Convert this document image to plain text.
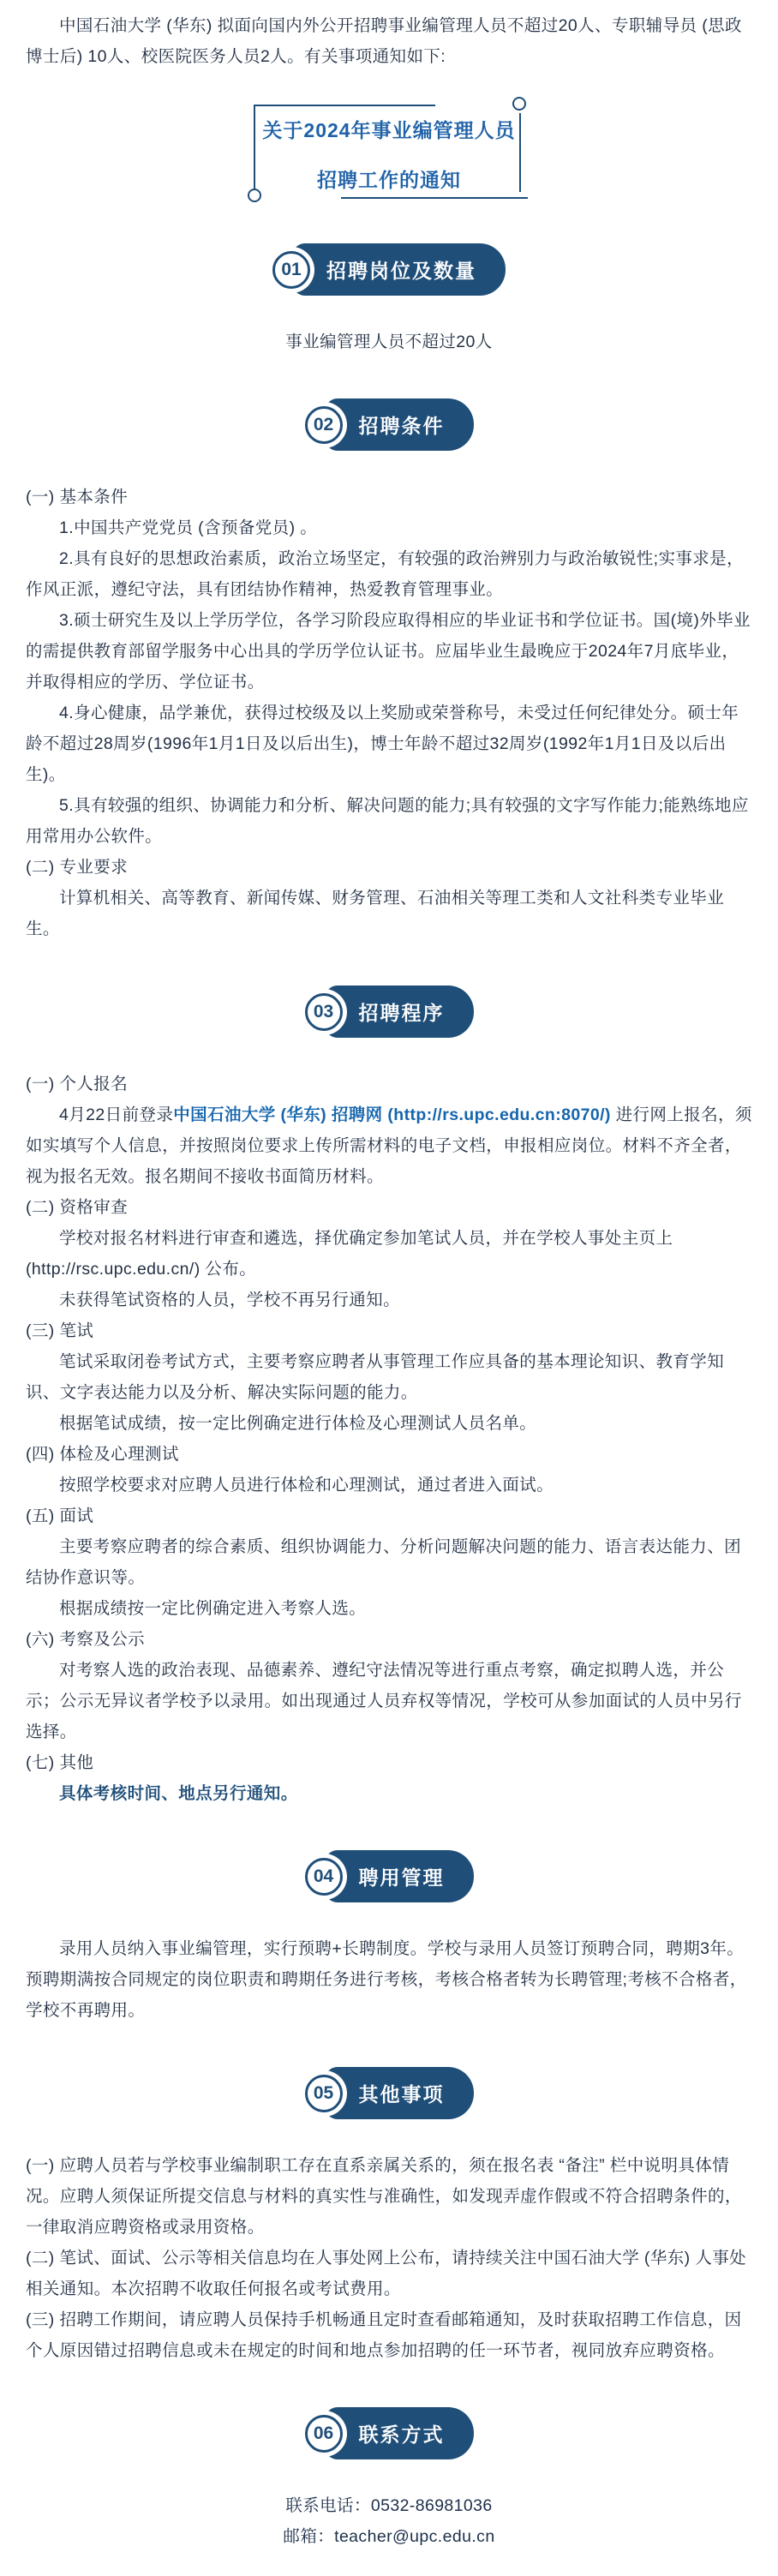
中国石油大学 (华东) 拟面向国内外公开招聘事业编管理人员不超过20人、专职辅导员 (思政博士后) 10人、校医院医务人员2人。有关事项通知如下:

关于2024年事业编管理人员
招聘工作的通知
01	招聘岗位及数量

事业编管理人员不超过20人

02	招聘条件

(一) 基本条件

1.中国共产党党员 (含预备党员) 。

2.具有良好的思想政治素质，政治立场坚定，有较强的政治辨别力与政治敏锐性;实事求是，作风正派，遵纪守法，具有团结协作精神，热爱教育管理事业。

3.硕士研究生及以上学历学位，各学习阶段应取得相应的毕业证书和学位证书。国(境)外毕业的需提供教育部留学服务中心出具的学历学位认证书。应届毕业生最晚应于2024年7月底毕业，并取得相应的学历、学位证书。

4.身心健康，品学兼优，获得过校级及以上奖励或荣誉称号，未受过任何纪律处分。硕士年龄不超过28周岁(1996年1月1日及以后出生)，博士年龄不超过32周岁(1992年1月1日及以后出生)。

5.具有较强的组织、协调能力和分析、解决问题的能力;具有较强的文字写作能力;能熟练地应用常用办公软件。

(二) 专业要求

计算机相关、高等教育、新闻传媒、财务管理、石油相关等理工类和人文社科类专业毕业生。

03	招聘程序

(一) 个人报名

4月22日前登录中国石油大学 (华东) 招聘网 (http://rs.upc.edu.cn:8070/) 进行网上报名，须如实填写个人信息，并按照岗位要求上传所需材料的电子文档，申报相应岗位。材料不齐全者，视为报名无效。报名期间不接收书面简历材料。

(二) 资格审查

学校对报名材料进行审查和遴选，择优确定参加笔试人员，并在学校人事处主页上 (http://rsc.upc.edu.cn/) 公布。

未获得笔试资格的人员，学校不再另行通知。

(三) 笔试

笔试采取闭卷考试方式，主要考察应聘者从事管理工作应具备的基本理论知识、教育学知识、文字表达能力以及分析、解决实际问题的能力。

根据笔试成绩，按一定比例确定进行体检及心理测试人员名单。

(四) 体检及心理测试

按照学校要求对应聘人员进行体检和心理测试，通过者进入面试。

(五) 面试

主要考察应聘者的综合素质、组织协调能力、分析问题解决问题的能力、语言表达能力、团结协作意识等。

根据成绩按一定比例确定进入考察人选。

(六) 考察及公示

对考察人选的政治表现、品德素养、遵纪守法情况等进行重点考察，确定拟聘人选，并公示；公示无异议者学校予以录用。如出现通过人员弃权等情况，学校可从参加面试的人员中另行选择。

(七) 其他

具体考核时间、地点另行通知。

04	聘用管理

录用人员纳入事业编管理，实行预聘+长聘制度。学校与录用人员签订预聘合同，聘期3年。预聘期满按合同规定的岗位职责和聘期任务进行考核，考核合格者转为长聘管理;考核不合格者，学校不再聘用。

05	其他事项

(一) 应聘人员若与学校事业编制职工存在直系亲属关系的，须在报名表 “备注” 栏中说明具体情况。应聘人须保证所提交信息与材料的真实性与准确性，如发现弄虚作假或不符合招聘条件的，一律取消应聘资格或录用资格。

(二) 笔试、面试、公示等相关信息均在人事处网上公布，请持续关注中国石油大学 (华东) 人事处相关通知。本次招聘不收取任何报名或考试费用。

(三) 招聘工作期间，请应聘人员保持手机畅通且定时查看邮箱通知，及时获取招聘工作信息，因个人原因错过招聘信息或未在规定的时间和地点参加招聘的任一环节者，视同放弃应聘资格。

06	联系方式

联系电话：0532-86981036

邮箱：teacher@upc.edu.cn
